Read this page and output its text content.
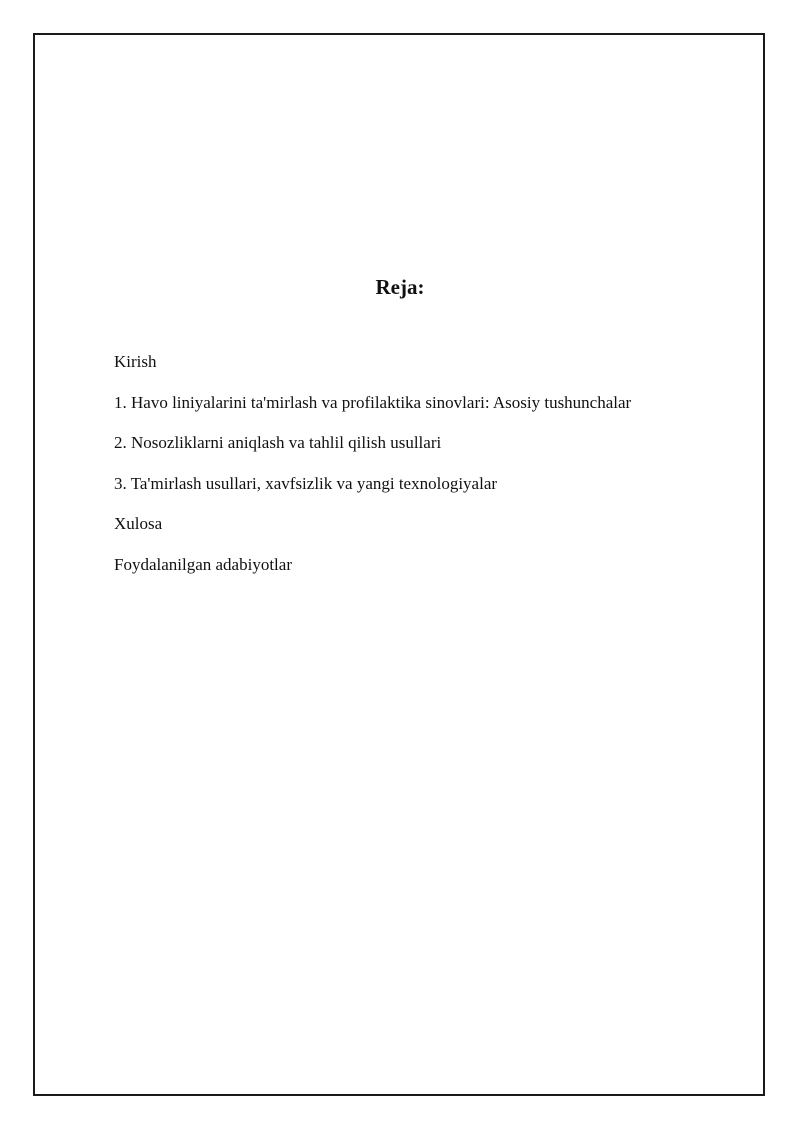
Reja:
Kirish
1. Havo liniyalarini ta'mirlash va profilaktika sinovlari: Asosiy tushunchalar
2. Nosozliklarni aniqlash va tahlil qilish usullari
3. Ta'mirlash usullari, xavfsizlik va yangi texnologiyalar
Xulosa
Foydalanilgan adabiyotlar
